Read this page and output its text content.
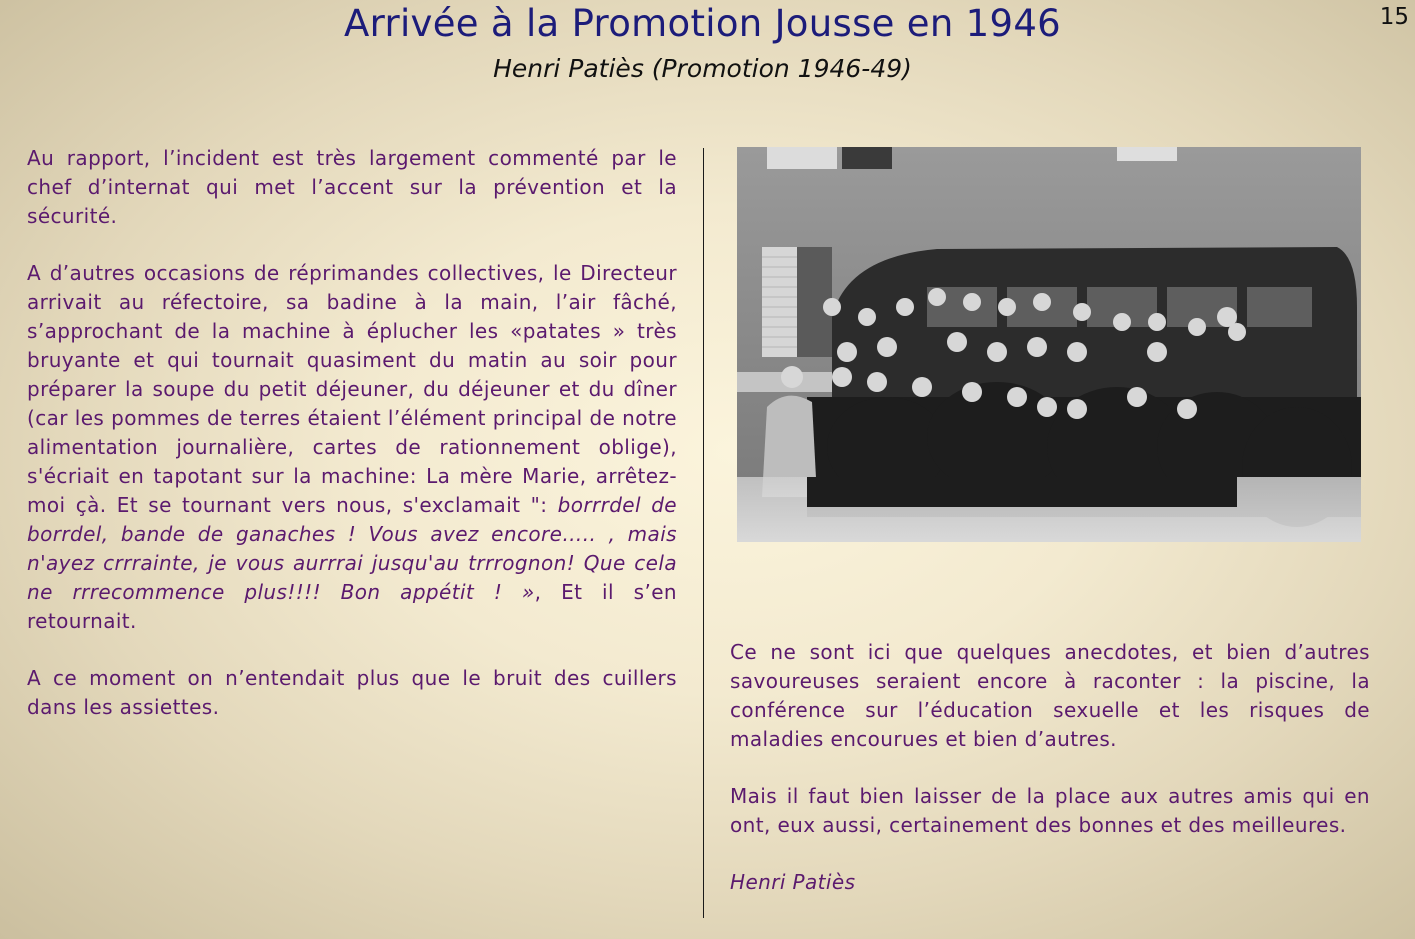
Arrivée à la Promotion Jousse en 1946
Henri Patiès (Promotion 1946-49)
15

Au rapport, l’incident est très largement commenté par le chef d’internat qui met l’accent sur la prévention et la sécurité.

A d’autres occasions de réprimandes collectives, le Directeur arrivait au réfectoire, sa badine à la main, l’air fâché, s’approchant de la machine à éplucher les «patates » très bruyante et qui tournait quasiment du matin au soir pour préparer la soupe du petit déjeuner, du déjeuner et du dîner (car les pommes de terres étaient l’élément principal de notre alimentation journalière, cartes de rationnement oblige), s'écriait en tapotant sur la machine: La mère Marie, arrêtez-moi çà. Et se tournant vers nous, s'exclamait ": borrrdel de borrdel, bande de ganaches ! Vous avez encore….. , mais n'ayez crrrainte, je vous aurrrai jusqu'au trrrognon! Que cela ne rrrecommence plus!!!! Bon appétit ! », Et il s’en retournait.

A ce moment on n’entendait plus que le bruit des cuillers dans les assiettes.

Ce ne sont ici que quelques anecdotes, et bien d’autres savoureuses seraient encore à raconter : la piscine, la conférence sur l’éducation sexuelle et les risques de maladies encourues et bien d’autres.

Mais il faut bien laisser de la place aux autres amis qui en ont, eux aussi, certainement des bonnes et des meilleures.

Henri Patiès
